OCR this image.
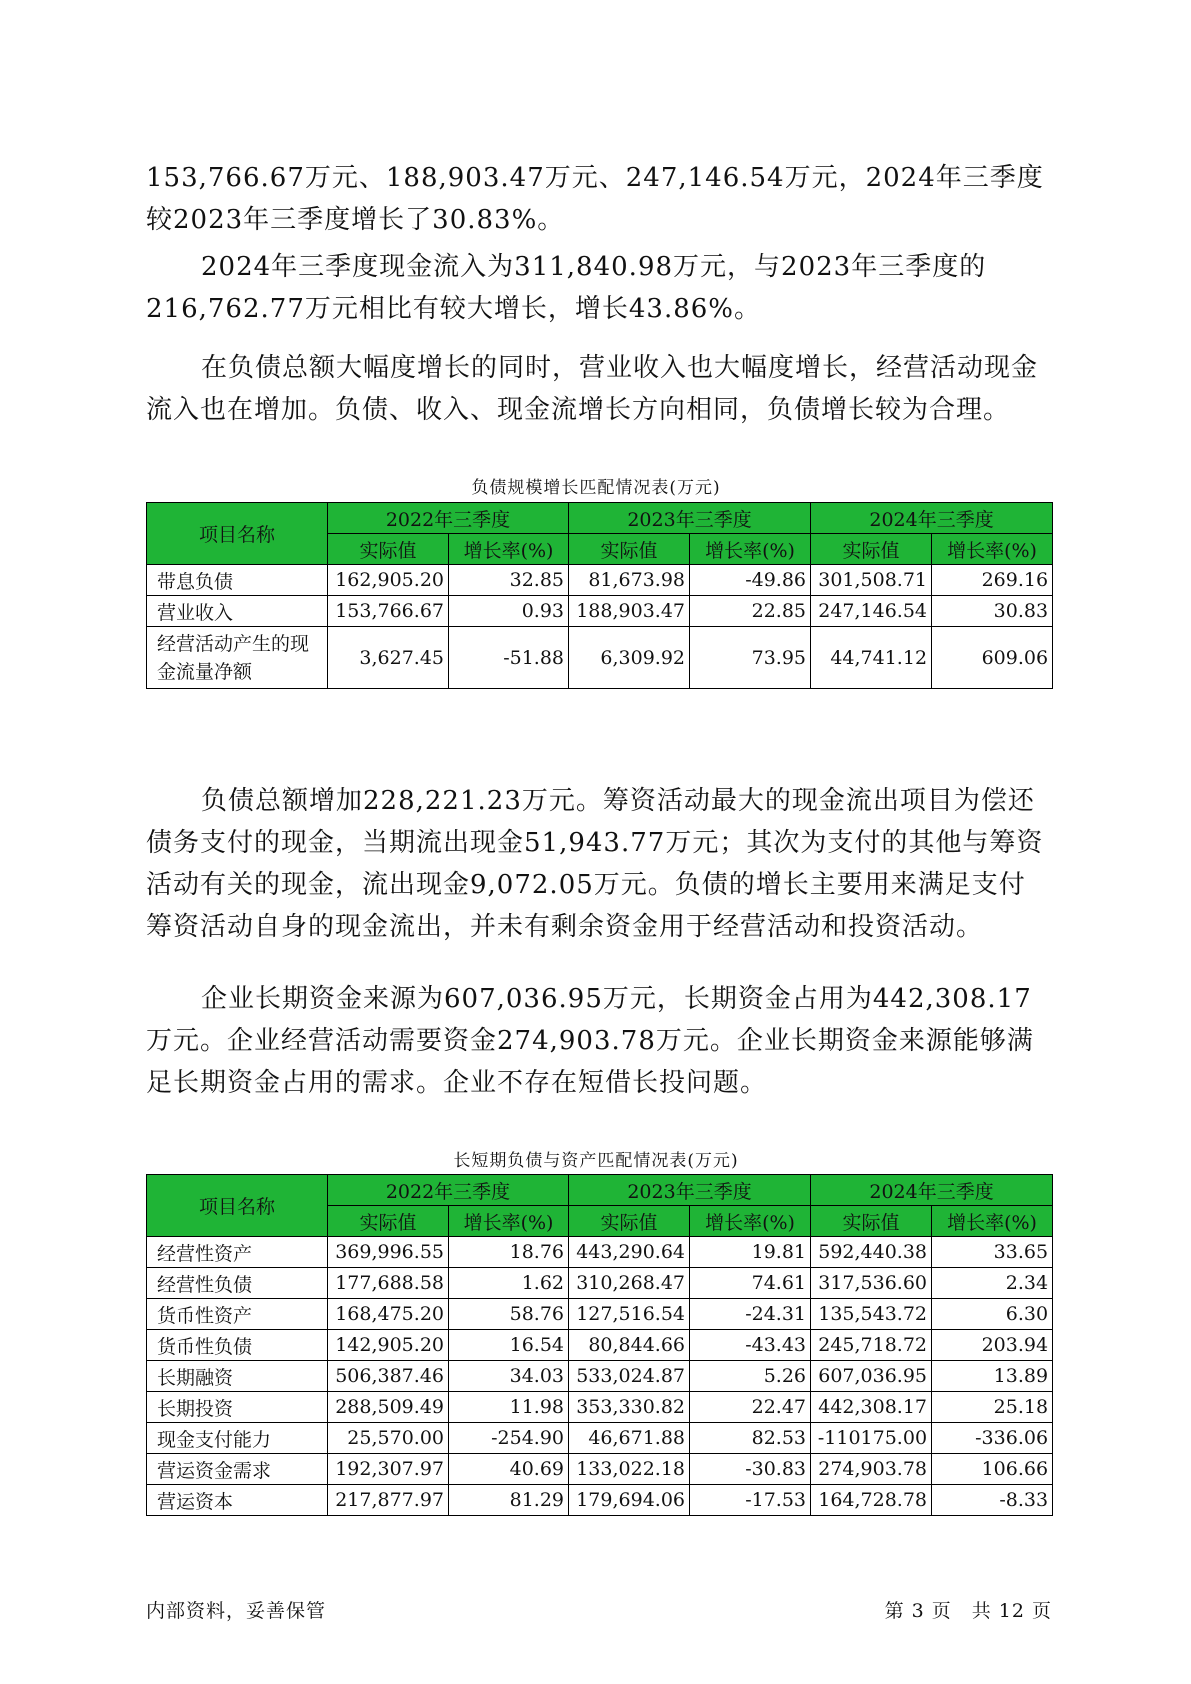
153,766.67万元、188,903.47万元、247,146.54万元，2024年三季度较2023年三季度增长了30.83%。

2024年三季度现金流入为311,840.98万元，与2023年三季度的216,762.77万元相比有较大增长，增长43.86%。

在负债总额大幅度增长的同时，营业收入也大幅度增长，经营活动现金流入也在增加。负债、收入、现金流增长方向相同，负债增长较为合理。

负债规模增长匹配情况表(万元)
项目名称	2022年三季度		2023年三季度		2024年三季度	
	实际值	增长率(%)	实际值	增长率(%)	实际值	增长率(%)
带息负债	162,905.20	32.85	81,673.98	-49.86	301,508.71	269.16
营业收入	153,766.67	0.93	188,903.47	22.85	247,146.54	30.83
经营活动产生的现金流量净额	3,627.45	-51.88	6,309.92	73.95	44,741.12	609.06

负债总额增加228,221.23万元。筹资活动最大的现金流出项目为偿还债务支付的现金，当期流出现金51,943.77万元；其次为支付的其他与筹资活动有关的现金，流出现金9,072.05万元。负债的增长主要用来满足支付筹资活动自身的现金流出，并未有剩余资金用于经营活动和投资活动。

企业长期资金来源为607,036.95万元，长期资金占用为442,308.17万元。企业经营活动需要资金274,903.78万元。企业长期资金来源能够满足长期资金占用的需求。企业不存在短借长投问题。

长短期负债与资产匹配情况表(万元)
项目名称	2022年三季度		2023年三季度		2024年三季度	
	实际值	增长率(%)	实际值	增长率(%)	实际值	增长率(%)
经营性资产	369,996.55	18.76	443,290.64	19.81	592,440.38	33.65
经营性负债	177,688.58	1.62	310,268.47	74.61	317,536.60	2.34
货币性资产	168,475.20	58.76	127,516.54	-24.31	135,543.72	6.30
货币性负债	142,905.20	16.54	80,844.66	-43.43	245,718.72	203.94
长期融资	506,387.46	34.03	533,024.87	5.26	607,036.95	13.89
长期投资	288,509.49	11.98	353,330.82	22.47	442,308.17	25.18
现金支付能力	25,570.00	-254.90	46,671.88	82.53	-110175.00	-336.06
营运资金需求	192,307.97	40.69	133,022.18	-30.83	274,903.78	106.66
营运资本	217,877.97	81.29	179,694.06	-17.53	164,728.78	-8.33
内部资料，妥善保管	第 3 页　共 12 页
